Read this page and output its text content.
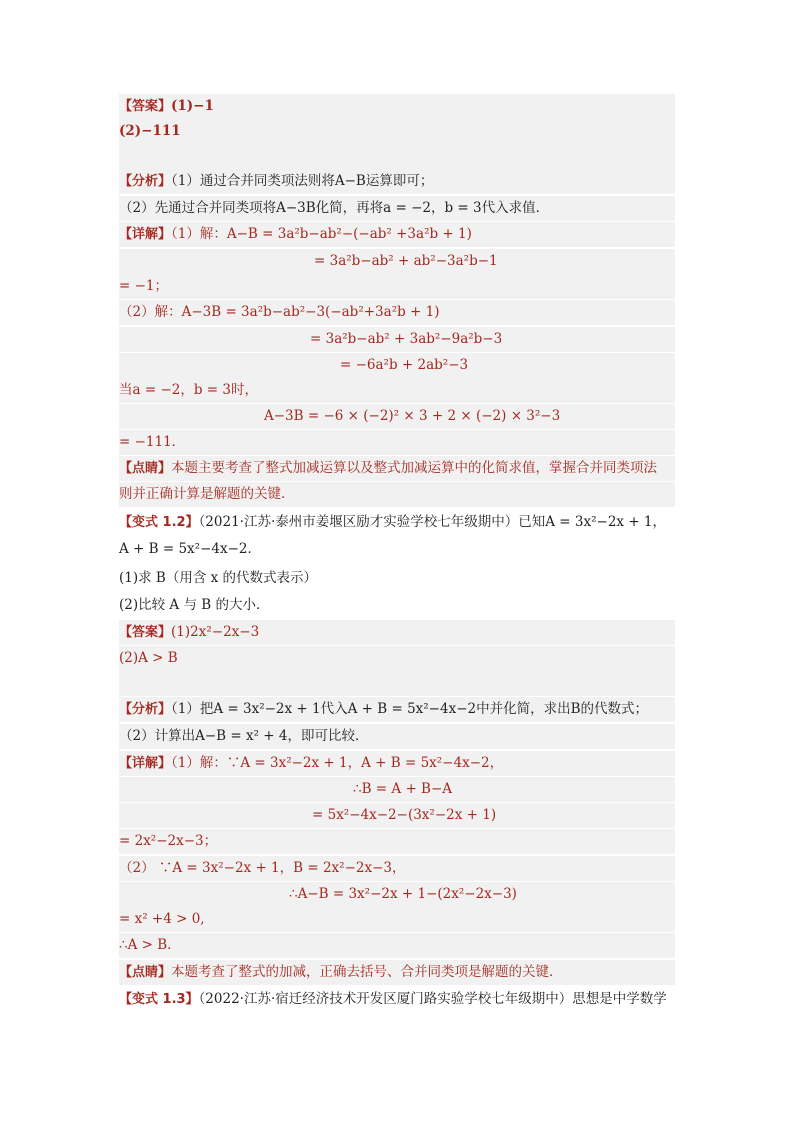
【答案】(1)−1
(2)−111
【分析】（1）通过合并同类项法则将A−B运算即可；
（2）先通过合并同类项将A−3B化简，再将a = −2，b = 3代入求值．
【详解】（1）解：A−B = 3a²b−ab²−(−ab² +3a²b + 1)
= 3a²b−ab² + ab²−3a²b−1
= −1；
（2）解：A−3B = 3a²b−ab²−3(−ab²+3a²b + 1)
= 3a²b−ab² + 3ab²−9a²b−3
= −6a²b + 2ab²−3
当a = −2，b = 3时，
A−3B = −6 × (−2)² × 3 + 2 × (−2) × 3²−3
= −111．
【点睛】本题主要考查了整式加减运算以及整式加减运算中的化简求值，掌握合并同类项法
则并正确计算是解题的关键．
【变式 1.2】（2021·江苏·泰州市姜堰区励才实验学校七年级期中）已知A = 3x²−2x + 1，
A + B = 5x²−4x−2．
(1)求 B（用含 x 的代数式表示）
(2)比较 A 与 B 的大小．
【答案】(1)2x²−2x−3
(2)A > B
【分析】（1）把A = 3x²−2x + 1代入A + B = 5x²−4x−2中并化简，求出B的代数式；
（2）计算出A−B = x² + 4，即可比较．
【详解】（1）解：∵A = 3x²−2x + 1，A + B = 5x²−4x−2，
∴B = A + B−A
= 5x²−4x−2−(3x²−2x + 1)
= 2x²−2x−3；
（2） ∵A = 3x²−2x + 1，B = 2x²−2x−3，
∴A−B = 3x²−2x + 1−(2x²−2x−3)
= x² +4 > 0,
∴A > B．
【点睛】本题考查了整式的加减，正确去括号、合并同类项是解题的关键．
【变式 1.3】（2022·江苏·宿迁经济技术开发区厦门路实验学校七年级期中）思想是中学数学
